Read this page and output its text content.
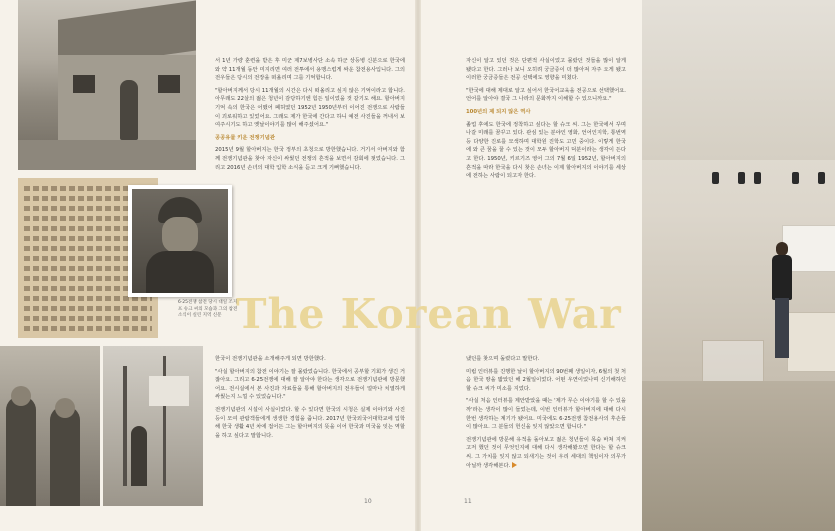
6·25전쟁 참전 당시 대일 조지프 슈크 씨의 모습과 그의 참전 소식이 실린 지역 신문

서 1년 가량 훈련을 받은 후 미군 제7보병사단 소속 하군 상등병 신분으로 한국에 와 약 11개월 동안 미지리면 여러 전투에서 용맹스럽게 싸운 참전용사입니다. 그의 전우들은 당시의 전장을 떠올리며 그를 기억합니다.

"할아버지께서 당시 11개월의 시간은 다시 떠올리고 싶지 않은 기억이라고 합니다. 아무래도 22살의 젊은 청년이 감당하기엔 힘든 일이었을 것 같기도 해요. 할아버지 기억 속의 한국은 어땠어 폐허였던 1952년 1950년부터 이어진 전쟁으로 사람들이 괴로워하고 있었어요. 그래도 제가 한국에 간다고 하니 예전 사진들을 꺼내서 보여주시기도 하고 옛날이야기를 많이 해주셨어요."

공공유물 키운 전쟁기념관

2015년 9월 할아버지는 한국 정부의 초청으로 방한했습니다. 거기서 아버지와 함께 전쟁기념관을 찾아 자신이 싸웠던 전쟁의 흔적을 보면서 감회에 젖었습니다. 그리고 2016년 손녀의 대학 입학 소식을 듣고 크게 기뻐했습니다.

한국이 전쟁기념관을 소개해주게 되면 방한했다.

"사실 할아버지의 참전 이야기는 잘 몰랐었습니다. 한국에서 공부할 기회가 생긴 거잖아요. 그리고 6·25전쟁에 대해 잘 알아야 한다는 생각으로 전쟁기념관에 방문했어요. 전시실에서 본 사진과 자료들을 통해 할아버지의 전우들이 얼마나 치열하게 싸웠는지 느낄 수 있었습니다."

전쟁기념관의 시설이 사실이었다. 할 수 있다면 한국의 시청은 실제 이야기와 사진 등이 모여 관람객들에게 생생한 경험을 줍니다. 2017년 한국외국어대학교에 입학해 한국 생활 4년 차에 접어든 그는 할아버지의 뜻을 이어 한국과 미국을 잇는 역할을 하고 싶다고 말합니다.

자신이 알고 있던 것은 단편적 사실이었고 몰랐던 것들을 많이 알게 됐다고 한다. 그러나 보니 오히려 궁금증이 더 많아져 자주 오게 됐고 이러한 궁금증들은 전공 선택에도 영향을 미쳤다.

"한국에 대해 제대로 알고 싶어서 한국어교육을 전공으로 선택했어요. 언어를 알아야 결국 그 나라의 문화까지 이해할 수 있으니까요."

100년의 제 되지 않은 역사

졸업 후에도 한국에 정착하고 싶다는 할 슈크 씨. 그는 한국에서 꾸며 나갈 미래를 꿈꾸고 있다. 관심 있는 분야인 영화, 언어인지학, 통번역 등 다양한 진로를 모색하며 대학원 진학도 고민 중이다. 이렇게 한국에 와 큰 꿈을 꿀 수 있는 것이 모두 할아버지 덕분이라는 생각이 든다고 한다. 1950년, 키르기즈 영어 그의 7월 6일 1952년, 할아버지의 흔적을 따라 한국을 다시 찾은 손녀는 이제 할아버지의 이야기를 세상에 전하는 사람이 되고자 한다.

냈던를 찾으며 돌렸다고 말한다.

미립 인터뷰를 진행한 날이 할아버지의 90번째 생일이자, 6월의 첫 처음 한국 땅을 밟았던 해 2월일이었다. 어떤 우연이었나며 신기해하던 할 슈크 씨가 미소를 지었다.

"사실 처음 인터뷰를 제안받았을 때는 '제가 무슨 이야기를 할 수 있을까'라는 생각이 많이 들었는데, 이번 인터뷰가 할아버지에 대해 다시 한번 생각하는 계기가 됐어요. 미국에도 6·25전쟁 참전용사의 후손들이 많아요. 그 분들의 헌신을 잊지 않았으면 합니다."

전쟁기념관에 방문해 유적을 돌아보고 젊은 청년들이 목숨 바쳐 지켜고저 했던 것이 무엇인지에 대해 다시 생각해봤으면 한다는 할 슈크 씨. 그 가치를 잊지 않고 되새기는 것이 우리 세대의 책임이자 의무가 아닐까 생각해본다.

The Korean War
10	11
